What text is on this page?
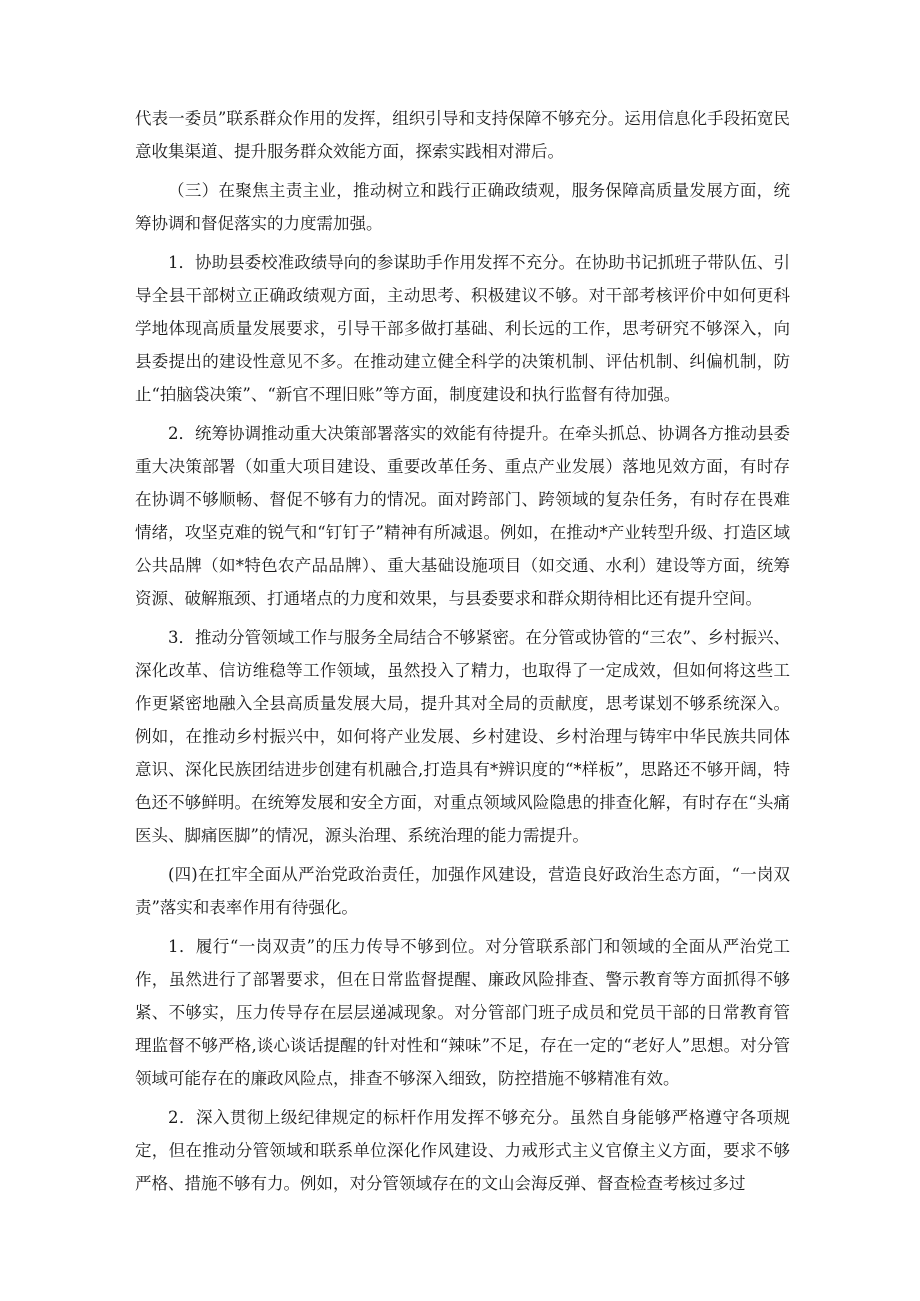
代表一委员”联系群众作用的发挥，组织引导和支持保障不够充分。运用信息化手段拓宽民意收集渠道、提升服务群众效能方面，探索实践相对滞后。

（三）在聚焦主责主业，推动树立和践行正确政绩观，服务保障高质量发展方面，统筹协调和督促落实的力度需加强。

1．协助县委校准政绩导向的参谋助手作用发挥不充分。在协助书记抓班子带队伍、引导全县干部树立正确政绩观方面，主动思考、积极建议不够。对干部考核评价中如何更科学地体现高质量发展要求，引导干部多做打基础、利长远的工作，思考研究不够深入，向县委提出的建设性意见不多。在推动建立健全科学的决策机制、评估机制、纠偏机制，防止“拍脑袋决策”、“新官不理旧账”等方面，制度建设和执行监督有待加强。

2．统筹协调推动重大决策部署落实的效能有待提升。在牵头抓总、协调各方推动县委重大决策部署（如重大项目建设、重要改革任务、重点产业发展）落地见效方面，有时存在协调不够顺畅、督促不够有力的情况。面对跨部门、跨领域的复杂任务，有时存在畏难情绪，攻坚克难的锐气和“钉钉子”精神有所减退。例如，在推动*产业转型升级、打造区域公共品牌（如*特色农产品品牌）、重大基础设施项目（如交通、水利）建设等方面，统筹资源、破解瓶颈、打通堵点的力度和效果，与县委要求和群众期待相比还有提升空间。

3．推动分管领域工作与服务全局结合不够紧密。在分管或协管的“三农”、乡村振兴、深化改革、信访维稳等工作领域，虽然投入了精力，也取得了一定成效，但如何将这些工作更紧密地融入全县高质量发展大局，提升其对全局的贡献度，思考谋划不够系统深入。例如，在推动乡村振兴中，如何将产业发展、乡村建设、乡村治理与铸牢中华民族共同体意识、深化民族团结进步创建有机融合,打造具有*辨识度的“*样板”，思路还不够开阔，特色还不够鲜明。在统筹发展和安全方面，对重点领域风险隐患的排查化解，有时存在“头痛医头、脚痛医脚”的情况，源头治理、系统治理的能力需提升。

(四)在扛牢全面从严治党政治责任，加强作风建设，营造良好政治生态方面，“一岗双责”落实和表率作用有待强化。

1．履行“一岗双责”的压力传导不够到位。对分管联系部门和领域的全面从严治党工作，虽然进行了部署要求，但在日常监督提醒、廉政风险排查、警示教育等方面抓得不够紧、不够实，压力传导存在层层递减现象。对分管部门班子成员和党员干部的日常教育管理监督不够严格,谈心谈话提醒的针对性和“辣味”不足，存在一定的“老好人”思想。对分管领域可能存在的廉政风险点，排查不够深入细致，防控措施不够精准有效。

2．深入贯彻上级纪律规定的标杆作用发挥不够充分。虽然自身能够严格遵守各项规定，但在推动分管领域和联系单位深化作风建设、力戒形式主义官僚主义方面，要求不够严格、措施不够有力。例如，对分管领域存在的文山会海反弹、督查检查考核过多过
